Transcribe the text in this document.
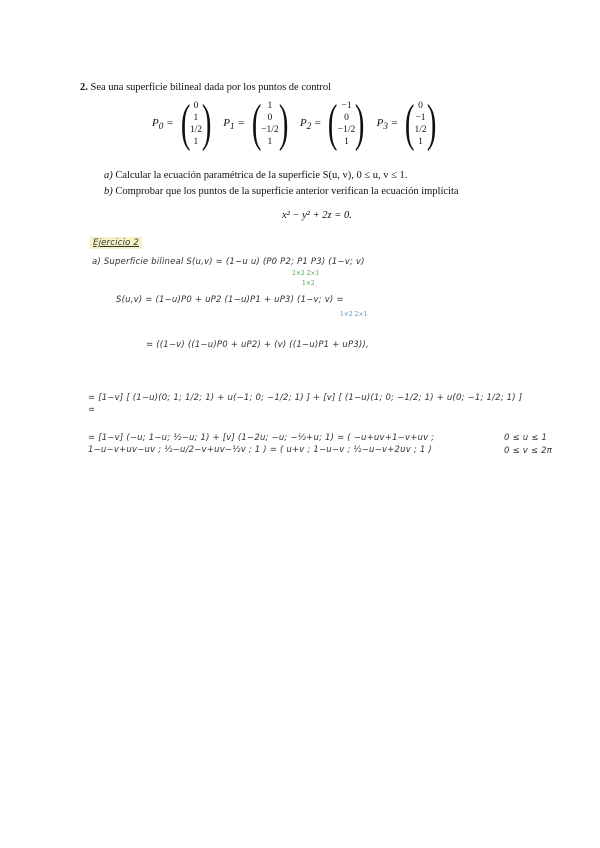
2. Sea una superficie bilineal dada por los puntos de control
$P_0$ = ( 0
1
1/2
1 ) $P_1$ = ( 1
0
−1/2
1 ) $P_2$ = ( −1
0
−1/2
1 ) $P_3$ = ( 0
−1
1/2
1 )
a) Calcular la ecuación paramétrica de la superficie S(u, v), 0 ≤ u, v ≤ 1.
b) Comprobar que los puntos de la superficie anterior verifican la ecuación implícita
x² − y² + 2z = 0.
Ejercicio 2
a) Superficie bilineal S(u,v) = (1−u u) (P0 P2; P1 P3) (1−v; v)
2×2 2×1
1×2
S(u,v) = (1−u)P0 + uP2 (1−u)P1 + uP3) (1−v; v) =
1×2 2×1
= ((1−v) ((1−u)P0 + uP2) + (v) ((1−u)P1 + uP3)),
= [1−v] [ (1−u)(0; 1; 1/2; 1) + u(−1; 0; −1/2; 1) ] + [v] [ (1−u)(1; 0; −1/2; 1) + u(0; −1; 1/2; 1) ] =
= [1−v] (−u; 1−u; ½−u; 1) + [v] (1−2u; −u; −½+u; 1) = ( −u+uv+1−v+uv ; 1−u−v+uv−uv ; ½−u/2−v+uv−½v ; 1 ) = ( u+v ; 1−u−v ; ½−u−v+2uv ; 1 )
0 ≤ u ≤ 1
0 ≤ v ≤ 2π
